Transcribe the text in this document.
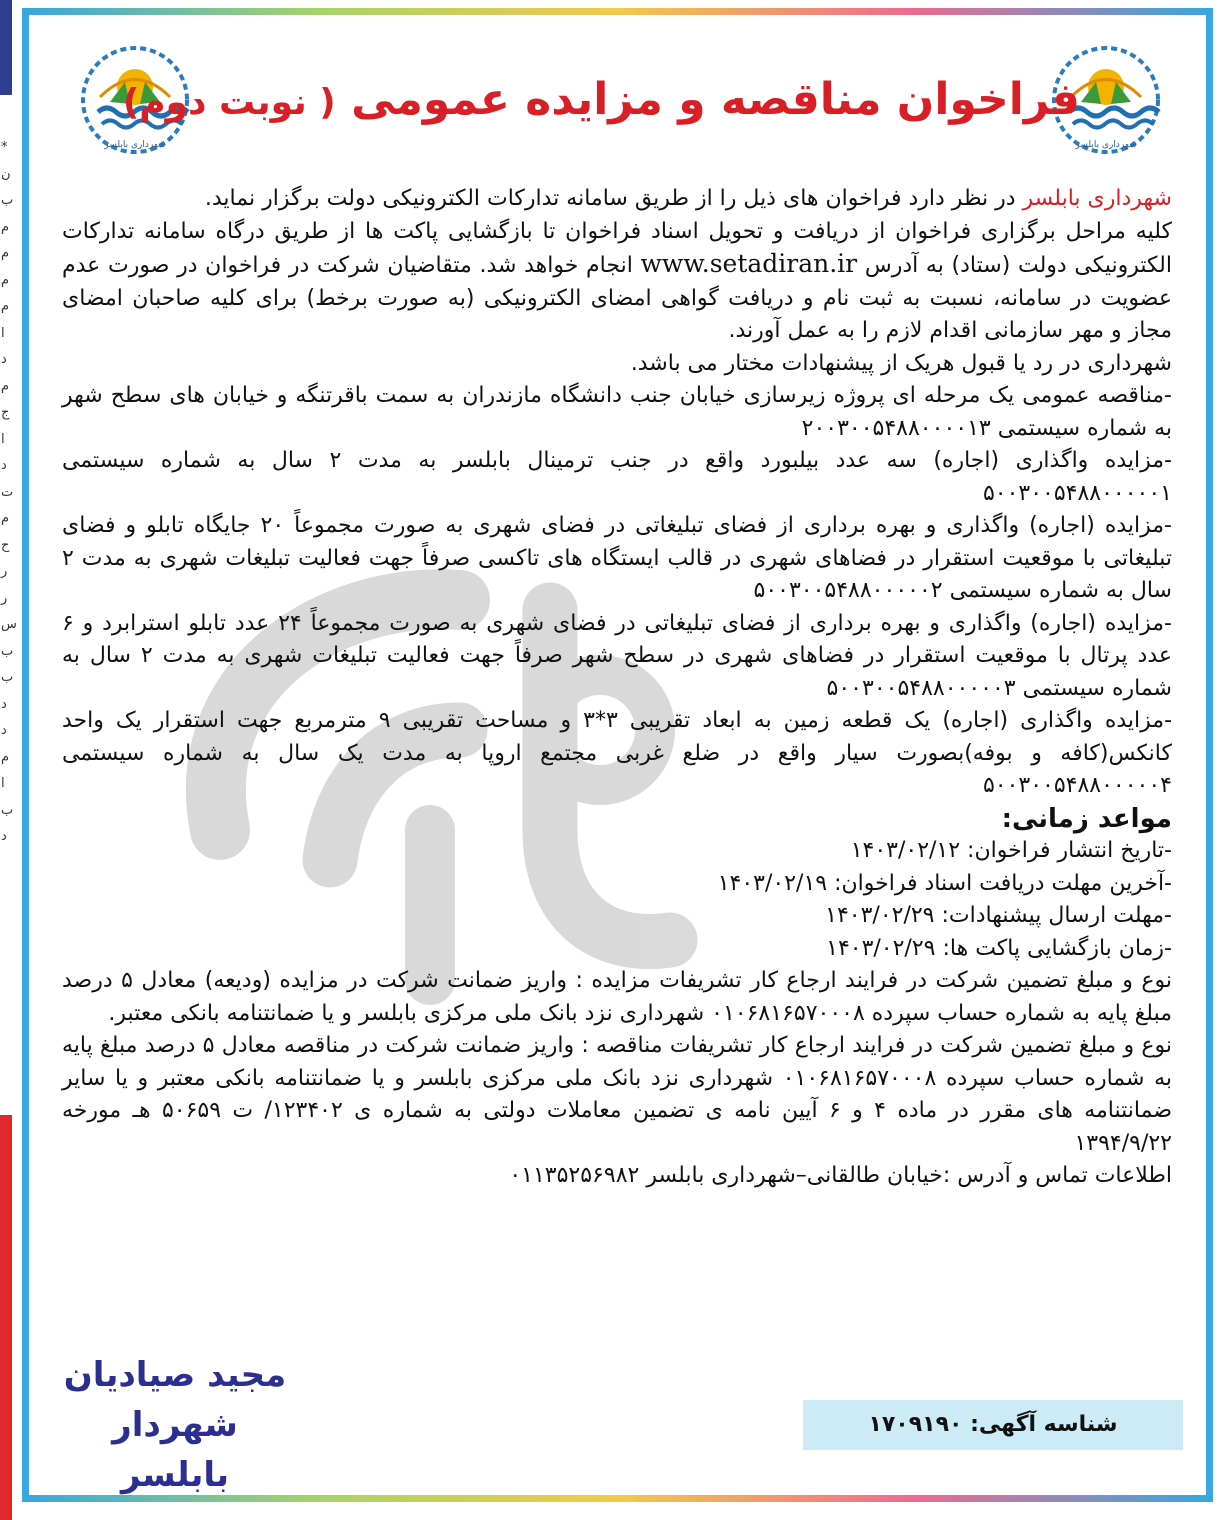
*
ن
ب
م
م
م
م
ا
د
م
ج
ا
د
ت
م
ح
ر
ر
س
ب
ب
د
د
م
ا
ب
د
شهرداری بابلسر
شهرداری بابلسر
فراخوان مناقصه و مزایده عمومی ( نوبت دوم)

شهرداری بابلسر در نظر دارد فراخوان های ذیل را از طریق سامانه تدارکات الکترونیکی دولت برگزار نماید.

کلیه مراحل برگزاری فراخوان از دریافت و تحویل اسناد فراخوان تا بازگشایی پاکت ها از طریق درگاه سامانه تدارکات الکترونیکی دولت (ستاد) به آدرس www.setadiran.ir انجام خواهد شد. متقاضیان شرکت در فراخوان در صورت عدم عضویت در سامانه، نسبت به ثبت نام و دریافت گواهی امضای الکترونیکی (به صورت برخط) برای کلیه صاحبان امضای مجاز و مهر سازمانی اقدام لازم را به عمل آورند.

شهرداری در رد یا قبول هریک از پیشنهادات مختار می باشد.

-مناقصه عمومی یک مرحله ای پروژه زیرسازی خیابان جنب دانشگاه مازندران به سمت باقرتنگه و خیابان های سطح شهر به شماره سیستمی ۲۰۰۳۰۰۵۴۸۸۰۰۰۰۱۳

-مزایده واگذاری (اجاره) سه عدد بیلبورد واقع در جنب ترمینال بابلسر به مدت ۲ سال به شماره سیستمی ۵۰۰۳۰۰۵۴۸۸۰۰۰۰۰۱

-مزایده (اجاره) واگذاری و بهره برداری از فضای تبلیغاتی در فضای شهری به صورت مجموعاً ۲۰ جایگاه تابلو و فضای تبلیغاتی با موقعیت استقرار در فضاهای شهری در قالب ایستگاه های تاکسی صرفاً جهت فعالیت تبلیغات شهری به مدت ۲ سال به شماره سیستمی ۵۰۰۳۰۰۵۴۸۸۰۰۰۰۰۲

-مزایده (اجاره) واگذاری و بهره برداری از فضای تبلیغاتی در فضای شهری به صورت مجموعاً ۲۴ عدد تابلو استرابرد و ۶ عدد پرتال با موقعیت استقرار در فضاهای شهری در سطح شهر صرفاً جهت فعالیت تبلیغات شهری به مدت ۲ سال به شماره سیستمی ۵۰۰۳۰۰۵۴۸۸۰۰۰۰۰۳

-مزایده واگذاری (اجاره) یک قطعه زمین به ابعاد تقریبی ۳*۳ و مساحت تقریبی ۹ مترمربع جهت استقرار یک واحد کانکس(کافه و بوفه)بصورت سیار واقع در ضلع غربی مجتمع اروپا به مدت یک سال به شماره سیستمی ۵۰۰۳۰۰۵۴۸۸۰۰۰۰۰۴

مواعد زمانی:

-تاریخ انتشار فراخوان: ۱۴۰۳/۰۲/۱۲

-آخرین مهلت دریافت اسناد فراخوان: ۱۴۰۳/۰۲/۱۹

-مهلت ارسال پیشنهادات: ۱۴۰۳/۰۲/۲۹

-زمان بازگشایی پاکت ها: ۱۴۰۳/۰۲/۲۹

نوع و مبلغ تضمین شرکت در فرایند ارجاع کار تشریفات مزایده : واریز ضمانت شرکت در مزایده (ودیعه) معادل ۵ درصد مبلغ پایه به شماره حساب سپرده ۰۱۰۶۸۱۶۵۷۰۰۰۸ شهرداری نزد بانک ملی مرکزی بابلسر و یا ضمانتنامه بانکی معتبر.

نوع و مبلغ تضمین شرکت در فرایند ارجاع کار تشریفات مناقصه : واریز ضمانت شرکت در مناقصه معادل ۵ درصد مبلغ پایه به شماره حساب سپرده ۰۱۰۶۸۱۶۵۷۰۰۰۸ شهرداری نزد بانک ملی مرکزی بابلسر و یا ضمانتنامه بانکی معتبر و یا سایر ضمانتنامه های مقرر در ماده ۴ و ۶ آیین نامه ی تضمین معاملات دولتی به شماره ی ۱۲۳۴۰۲/ ت ۵۰۶۵۹ هـ مورخه ۱۳۹۴/۹/۲۲

اطلاعات تماس و آدرس :خیابان طالقانی–شهرداری بابلسر ۰۱۱۳۵۲۵۶۹۸۲

مجید صیادیان
شهردار بابلسر
شناسه آگهی: ۱۷۰۹۱۹۰
